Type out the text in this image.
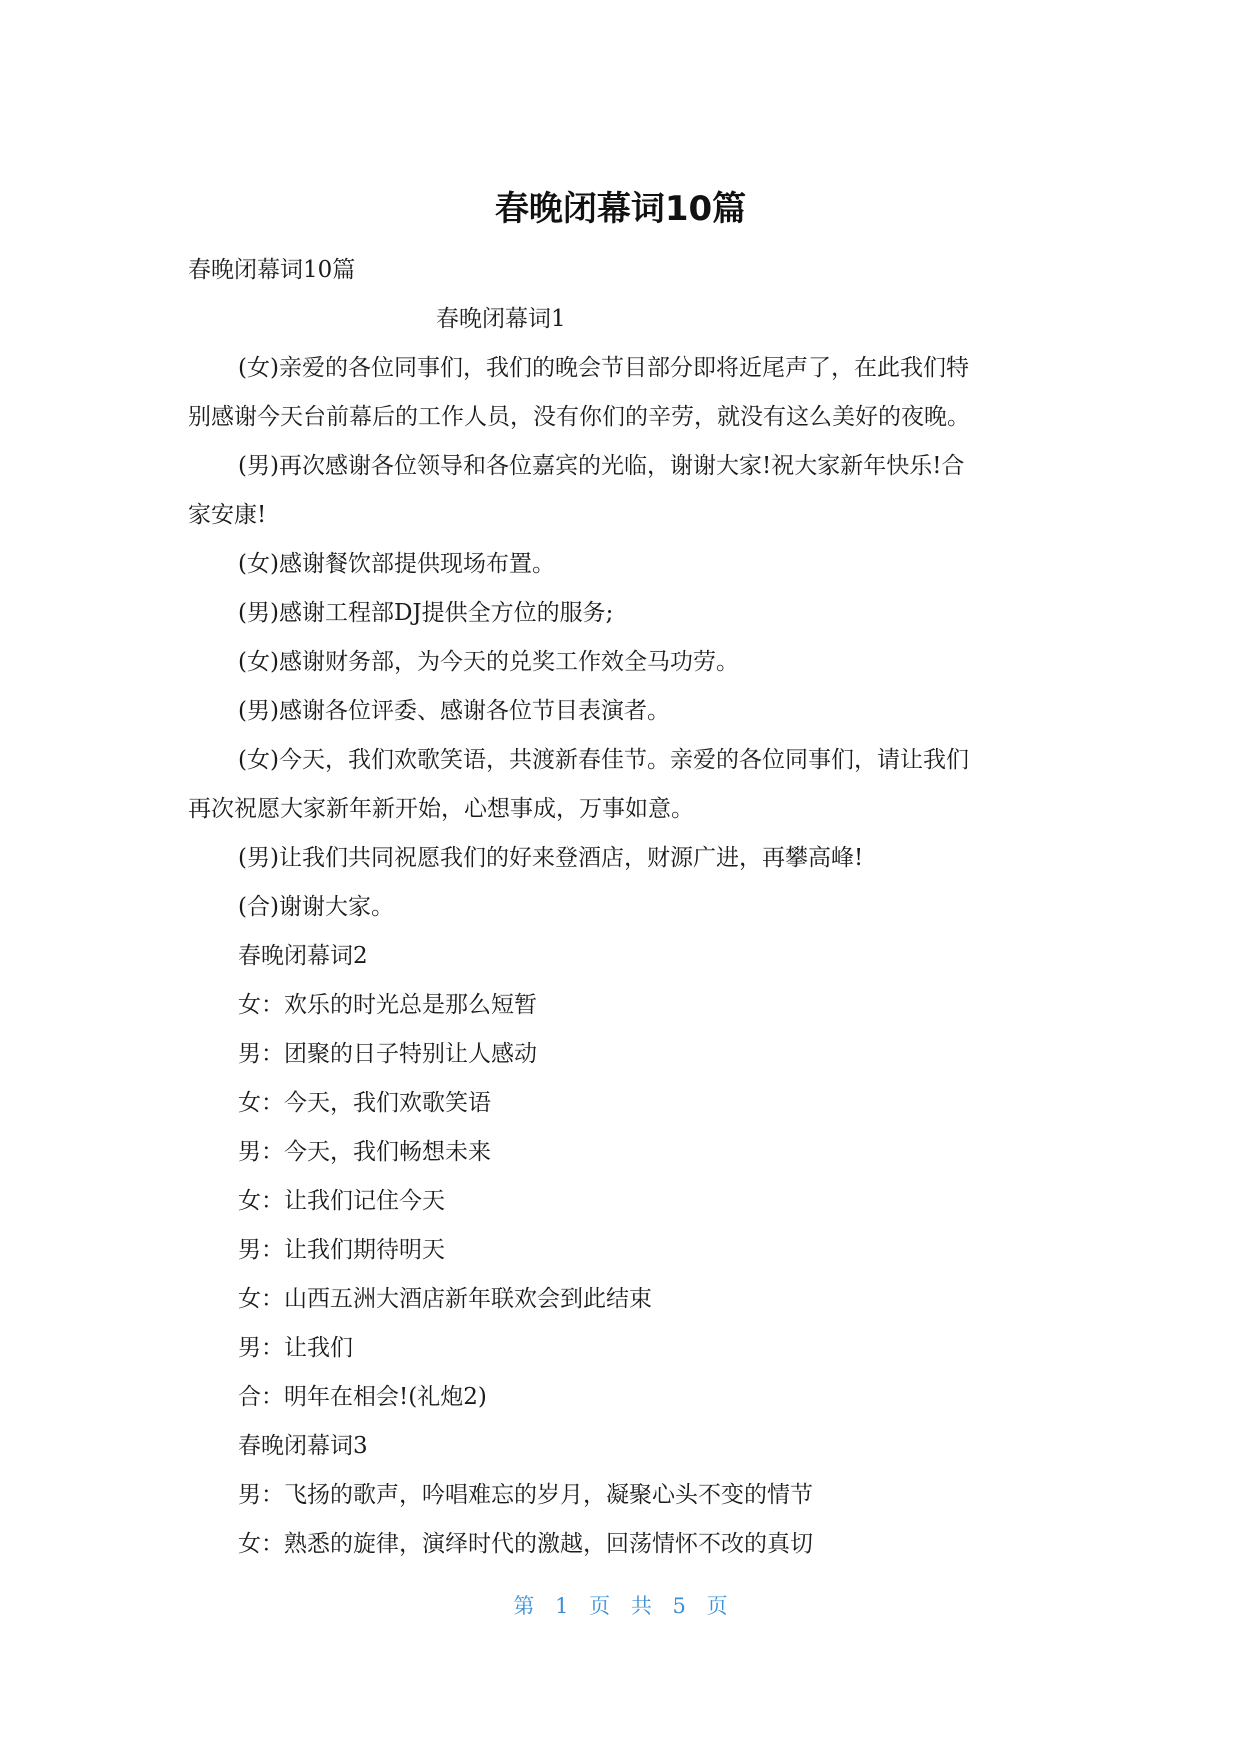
春晚闭幕词10篇

春晚闭幕词10篇

春晚闭幕词1

(女)亲爱的各位同事们，我们的晚会节目部分即将近尾声了，在此我们特

别感谢今天台前幕后的工作人员，没有你们的辛劳，就没有这么美好的夜晚。

(男)再次感谢各位领导和各位嘉宾的光临，谢谢大家!祝大家新年快乐!合

家安康!

(女)感谢餐饮部提供现场布置。

(男)感谢工程部DJ提供全方位的服务;

(女)感谢财务部，为今天的兑奖工作效全马功劳。

(男)感谢各位评委、感谢各位节目表演者。

(女)今天，我们欢歌笑语，共渡新春佳节。亲爱的各位同事们，请让我们

再次祝愿大家新年新开始，心想事成，万事如意。

(男)让我们共同祝愿我们的好来登酒店，财源广进，再攀高峰!

(合)谢谢大家。

春晚闭幕词2

女：欢乐的时光总是那么短暂

男：团聚的日子特别让人感动

女：今天，我们欢歌笑语

男：今天，我们畅想未来

女：让我们记住今天

男：让我们期待明天

女：山西五洲大酒店新年联欢会到此结束

男：让我们

合：明年在相会!(礼炮2)

春晚闭幕词3

男：飞扬的歌声，吟唱难忘的岁月，凝聚心头不变的情节

女：熟悉的旋律，演绎时代的激越，回荡情怀不改的真切

第 1 页 共 5 页
